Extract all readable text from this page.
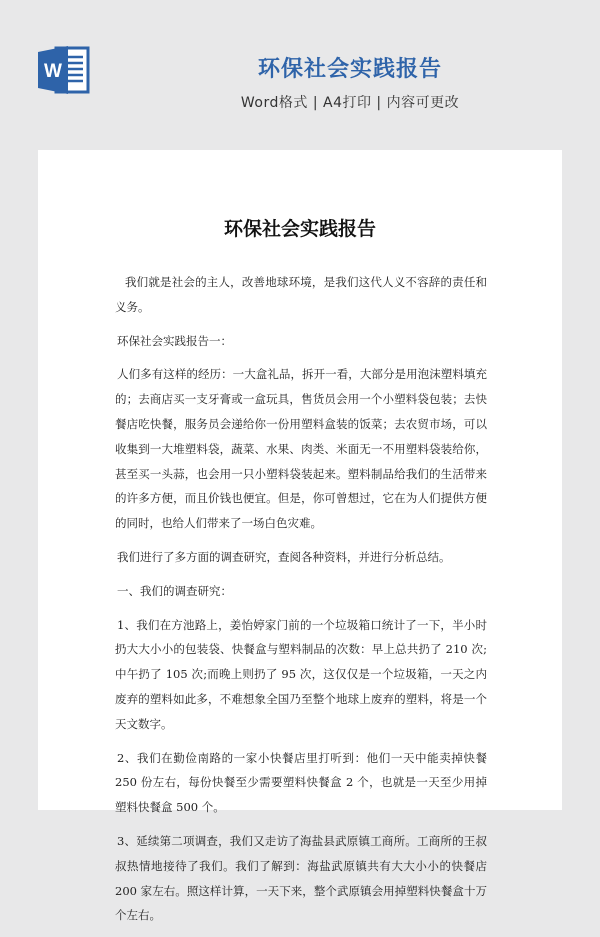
W	环保社会实践报告
Word格式 | A4打印 | 内容可更改
环保社会实践报告

我们就是社会的主人，改善地球环境，是我们这代人义不容辞的责任和义务。

环保社会实践报告一：

人们多有这样的经历：一大盒礼品，拆开一看，大部分是用泡沫塑料填充的；去商店买一支牙膏或一盒玩具，售货员会用一个小塑料袋包装；去快餐店吃快餐，服务员会递给你一份用塑料盒装的饭菜；去农贸市场，可以收集到一大堆塑料袋，蔬菜、水果、肉类、米面无一不用塑料袋装给你，甚至买一头蒜，也会用一只小塑料袋装起来。塑料制品给我们的生活带来的许多方便，而且价钱也便宜。但是，你可曾想过，它在为人们提供方便的同时，也给人们带来了一场白色灾难。

我们进行了多方面的调查研究，查阅各种资料，并进行分析总结。

一、我们的调查研究：

1、我们在方池路上，姜怡婷家门前的一个垃圾箱口统计了一下，半小时扔大大小小的包装袋、快餐盒与塑料制品的次数：早上总共扔了 210 次;中午扔了 105 次;而晚上则扔了 95 次，这仅仅是一个垃圾箱，一天之内废弃的塑料如此多，不难想象全国乃至整个地球上废弃的塑料，将是一个天文数字。

2、我们在勤俭南路的一家小快餐店里打听到：他们一天中能卖掉快餐 250 份左右，每份快餐至少需要塑料快餐盒 2 个，也就是一天至少用掉塑料快餐盒 500 个。

3、延续第二项调查，我们又走访了海盐县武原镇工商所。工商所的王叔叔热情地接待了我们。我们了解到：海盐武原镇共有大大小小的快餐店 200 家左右。照这样计算，一天下来，整个武原镇会用掉塑料快餐盒十万个左右。
